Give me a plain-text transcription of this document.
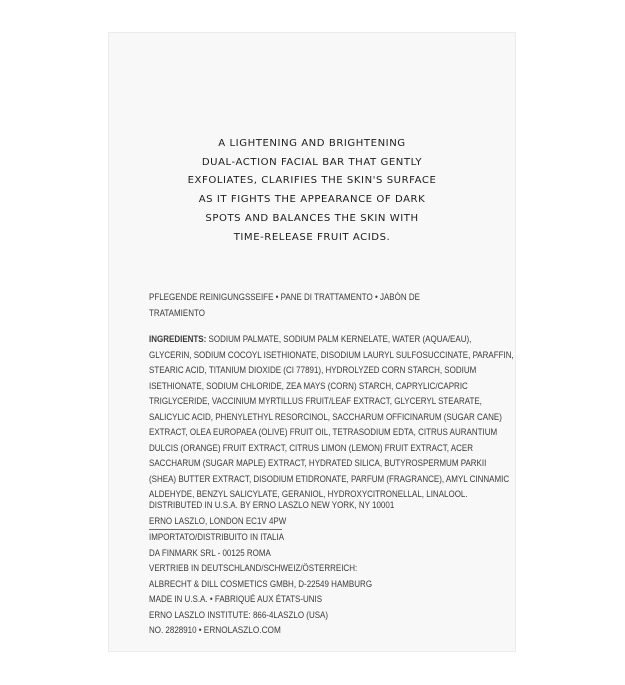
A LIGHTENING AND BRIGHTENING
DUAL-ACTION FACIAL BAR THAT GENTLY
EXFOLIATES, CLARIFIES THE SKIN'S SURFACE
AS IT FIGHTS THE APPEARANCE OF DARK
SPOTS AND BALANCES THE SKIN WITH
TIME-RELEASE FRUIT ACIDS.
PFLEGENDE REINIGUNGSSEIFE • PANE DI TRATTAMENTO • JABÓN DE
TRATAMIENTO
INGREDIENTS: SODIUM PALMATE, SODIUM PALM KERNELATE, WATER (AQUA/EAU),
GLYCERIN, SODIUM COCOYL ISETHIONATE, DISODIUM LAURYL SULFOSUCCINATE, PARAFFIN,
STEARIC ACID, TITANIUM DIOXIDE (CI 77891), HYDROLYZED CORN STARCH, SODIUM
ISETHIONATE, SODIUM CHLORIDE, ZEA MAYS (CORN) STARCH, CAPRYLIC/CAPRIC
TRIGLYCERIDE, VACCINIUM MYRTILLUS FRUIT/LEAF EXTRACT, GLYCERYL STEARATE,
SALICYLIC ACID, PHENYLETHYL RESORCINOL, SACCHARUM OFFICINARUM (SUGAR CANE)
EXTRACT, OLEA EUROPAEA (OLIVE) FRUIT OIL, TETRASODIUM EDTA, CITRUS AURANTIUM
DULCIS (ORANGE) FRUIT EXTRACT, CITRUS LIMON (LEMON) FRUIT EXTRACT, ACER
SACCHARUM (SUGAR MAPLE) EXTRACT, HYDRATED SILICA, BUTYROSPERMUM PARKII
(SHEA) BUTTER EXTRACT, DISODIUM ETIDRONATE, PARFUM (FRAGRANCE), AMYL CINNAMIC
ALDEHYDE, BENZYL SALICYLATE, GERANIOL, HYDROXYCITRONELLAL, LINALOOL.
DISTRIBUTED IN U.S.A. BY ERNO LASZLO NEW YORK, NY 10001
ERNO LASZLO, LONDON EC1V 4PW
IMPORTATO/DISTRIBUITO IN ITALIA
DA FINMARK SRL - 00125 ROMA
VERTRIEB IN DEUTSCHLAND/SCHWEIZ/ÖSTERREICH:
ALBRECHT & DILL COSMETICS GMBH, D-22549 HAMBURG
MADE IN U.S.A. • FABRIQUÉ AUX ÉTATS-UNIS
ERNO LASZLO INSTITUTE: 866-4LASZLO (USA)
NO. 2828910 • ERNOLASZLO.COM
